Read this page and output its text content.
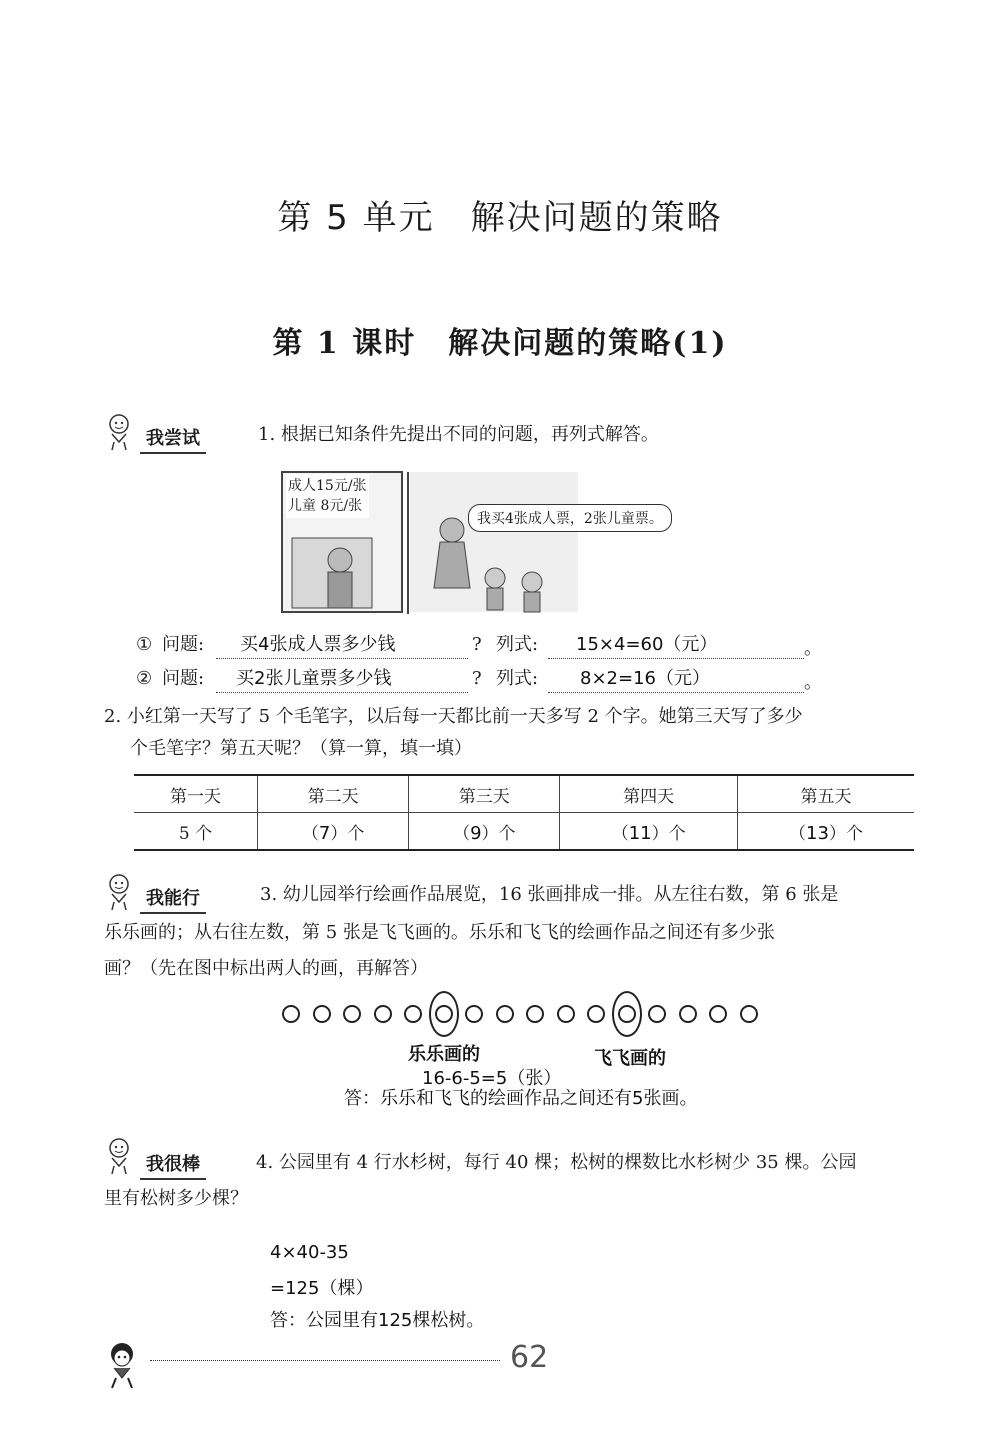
第 5 单元　解决问题的策略
第 1 课时　解决问题的策略(1)
我尝试	1. 根据已知条件先提出不同的问题，再列式解答。
成人15元/张
儿童 8元/张
我买4张成人票，2张儿童票。
① 问题: 买4张成人票多少钱	? 列式: 15×4=60（元）	。
② 问题: 买2张儿童票多少钱	? 列式: 8×2=16（元）	。
2. 小红第一天写了 5 个毛笔字，以后每一天都比前一天多写 2 个字。她第三天写了多少
个毛笔字？第五天呢？（算一算，填一填）
第一天	第二天	第三天	第四天	第五天
5 个	（7）个	（9）个	（11）个	（13）个
我能行	3. 幼儿园举行绘画作品展览，16 张画排成一排。从左往右数，第 6 张是
乐乐画的；从右往左数，第 5 张是飞飞画的。乐乐和飞飞的绘画作品之间还有多少张
画？（先在图中标出两人的画，再解答）
乐乐画的	飞飞画的
16-6-5=5（张）
答：乐乐和飞飞的绘画作品之间还有5张画。
我很棒	4. 公园里有 4 行水杉树，每行 40 棵；松树的棵数比水杉树少 35 棵。公园
里有松树多少棵？
4×40-35
=125（棵）
答：公园里有125棵松树。
62
